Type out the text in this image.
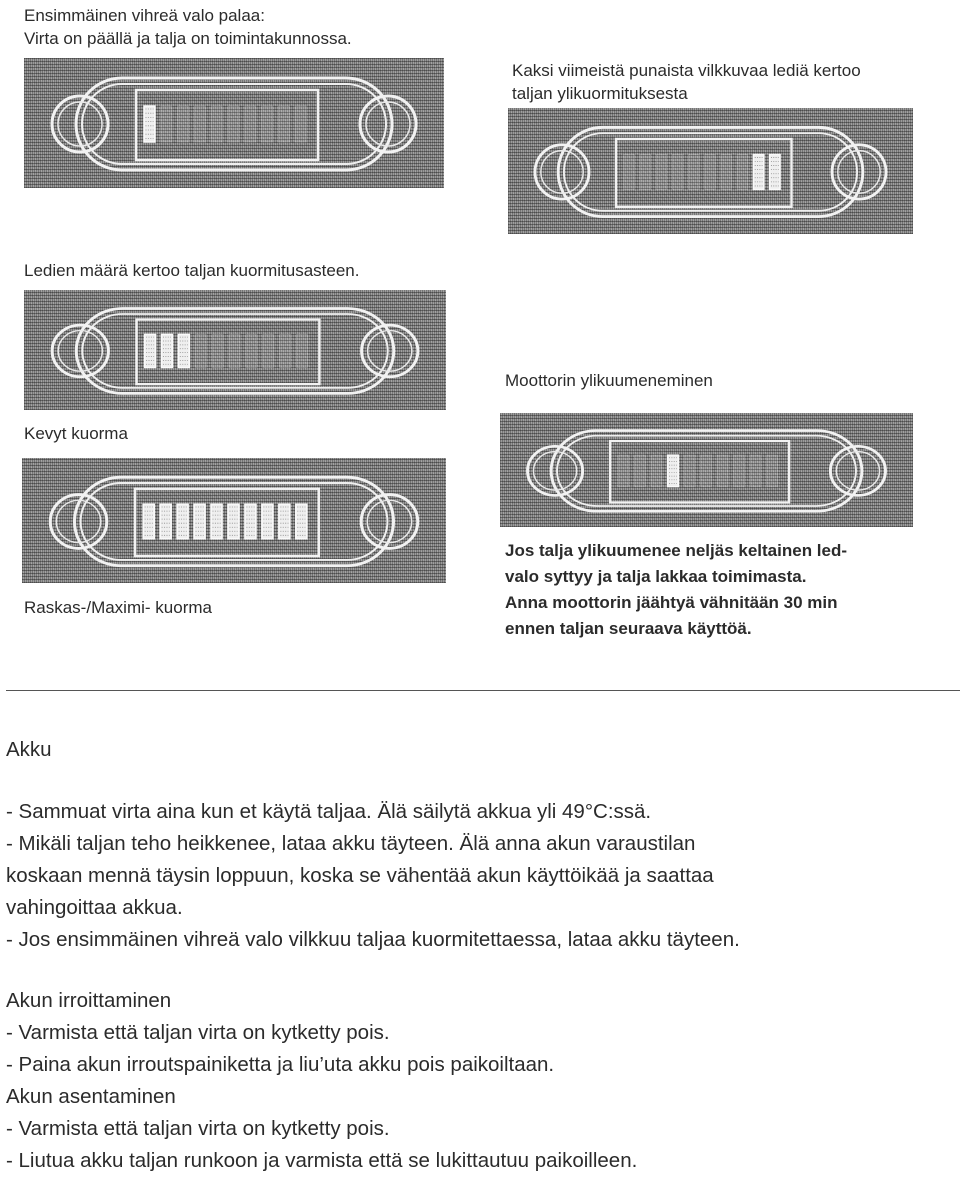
Ensimmäinen vihreä valo palaa:
Virta on päällä ja talja on toimintakunnossa.
Kaksi viimeistä punaista vilkkuvaa lediä kertoo
taljan ylikuormituksesta
Ledien määrä kertoo taljan kuormitusasteen.
Moottorin ylikuumeneminen
Kevyt kuorma
Raskas-/Maximi- kuorma
Jos talja ylikuumenee neljäs keltainen led-
valo syttyy ja talja lakkaa toimimasta.
Anna moottorin jäähtyä vähnitään 30 min
ennen taljan seuraava käyttöä.
Akku
- Sammuat virta aina kun et käytä taljaa. Älä säilytä akkua yli 49°C:ssä.
- Mikäli taljan teho heikkenee, lataa akku täyteen. Älä anna akun varaustilan
koskaan mennä täysin loppuun, koska se vähentää akun käyttöikää ja saattaa
vahingoittaa akkua.
- Jos ensimmäinen vihreä valo vilkkuu taljaa kuormitettaessa, lataa akku täyteen.
Akun irroittaminen
- Varmista että taljan virta on kytketty pois.
- Paina akun irroutspainiketta ja liu’uta akku pois paikoiltaan.
Akun asentaminen
- Varmista että taljan virta on kytketty pois.
- Liutua akku taljan runkoon ja varmista että se lukittautuu paikoilleen.
